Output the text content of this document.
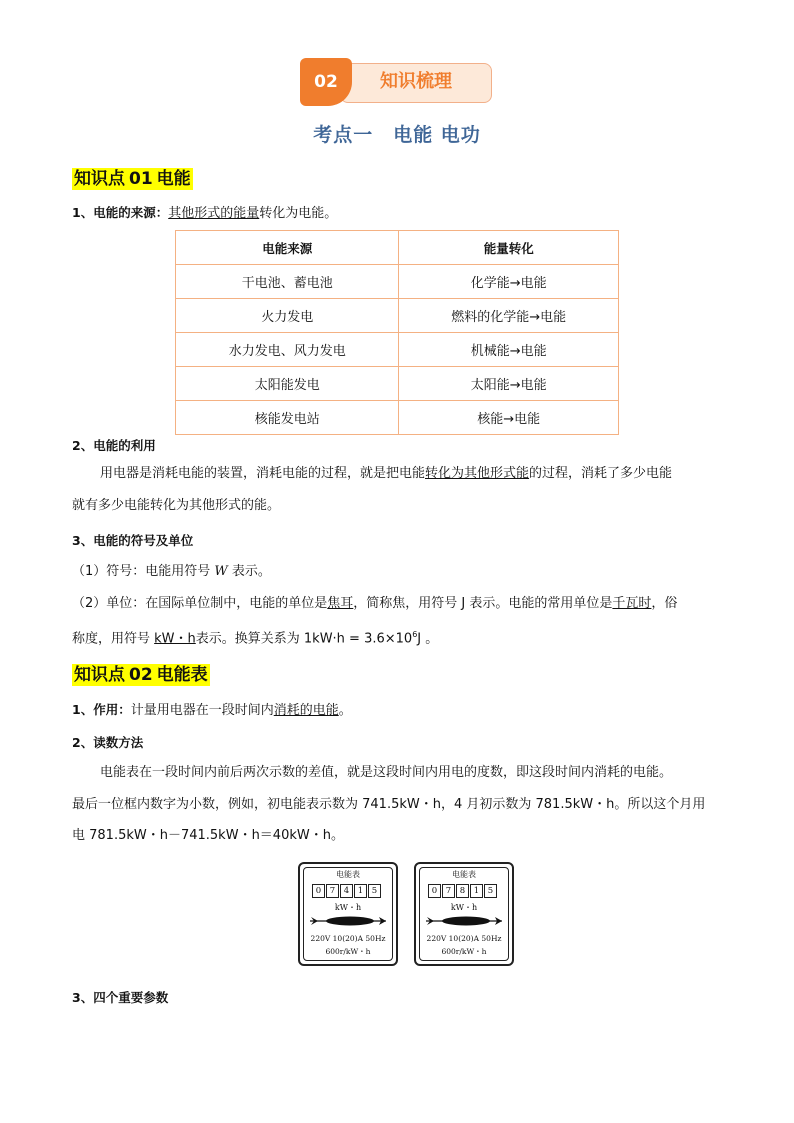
02	知识梳理
考点一　电能 电功
知识点 01 电能
1、电能的来源：其他形式的能量转化为电能。
电能来源	能量转化
干电池、蓄电池	化学能→电能
火力发电	燃料的化学能→电能
水力发电、风力发电	机械能→电能
太阳能发电	太阳能→电能
核能发电站	核能→电能
2、电能的利用
用电器是消耗电能的装置，消耗电能的过程，就是把电能转化为其他形式能的过程，消耗了多少电能
就有多少电能转化为其他形式的能。
3、电能的符号及单位
（1）符号：电能用符号 W 表示。
（2）单位：在国际单位制中，电能的单位是焦耳，简称焦，用符号 J 表示。电能的常用单位是千瓦时，俗
称度，用符号 kW・h表示。换算关系为 $1kW\cdot h = 3.6\times 10^6J$ 。
知识点 02 电能表
1、作用：计量用电器在一段时间内消耗的电能。
2、读数方法
电能表在一段时间内前后两次示数的差值，就是这段时间内用电的度数，即这段时间内消耗的电能。
最后一位框内数字为小数，例如，初电能表示数为 741.5kW・h，4 月初示数为 781.5kW・h。所以这个月用
电 781.5kW・h－741.5kW・h＝40kW・h。
电能表
0	7	4	1	5
kW・h
220V 10(20)A 50Hz
600r/kW・h
电能表
0	7	8	1	5
kW・h
220V 10(20)A 50Hz
600r/kW・h
3、四个重要参数
